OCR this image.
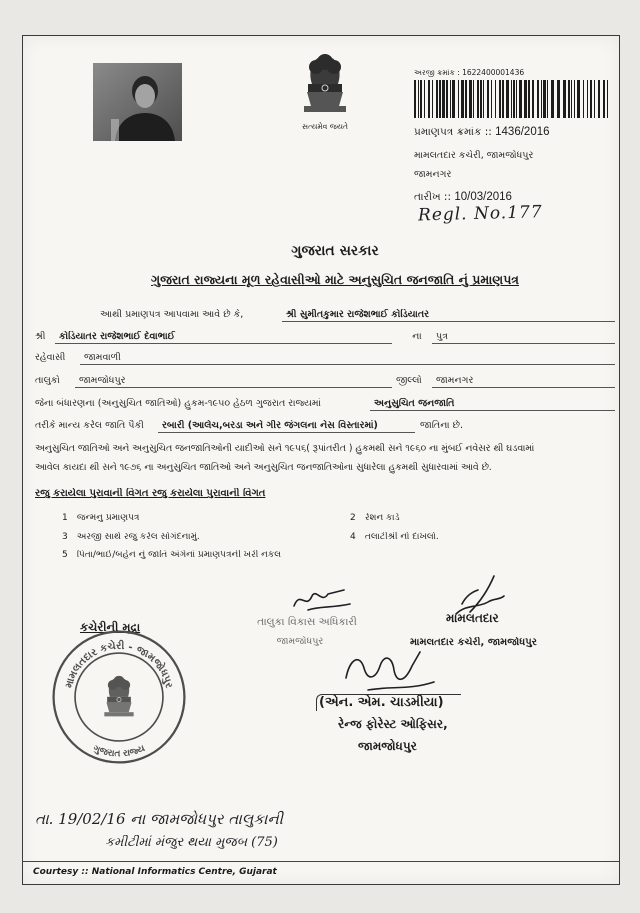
સત્યમેવ જયતે
અરજી ક્રમાંક : 1622400001436
પ્રમાણપત્ર ક્રમાંક :: 1436/2016
મામલતદાર કચેરી, જામજોધપુર
જામનગર
તારીખ :: 10/03/2016
Regl. No.177
ગુજરાત સરકાર
ગુજરાત રાજ્યના મૂળ રહેવાસીઓ માટે અનુસુચિત જનજાતિ નું પ્રમાણપત્ર
આથી પ્રમાણપત્ર આપવામા આવે છે કે,	શ્રી સુમીતકુમાર રાજેશભાઈ કોડિયાતર
શ્રી	કોડિયાતર રાજેશભાઈ દેવાભાઈ	ના	પુત્ર
રહેવાસી	જામવાળી
તાલુકો	જામજોધપુર	જીલ્લો	જામનગર
જેના બંધારણના (અનુસુચિત જાતિઓ) હુકમ-૧૯૫૦ હેઠળ ગુજરાત રાજ્યમાં	અનુસુચિત જનજાતિ
તરીકે માન્ય કરેલ જાતિ પૈકી	રબારી (આલેચ,બરડા અને ગીર જંગલના નેસ વિસ્તારમાં)	જાતિના છે.
અનુસુચિત જાતિઓ અને અનુસુચિત જનજાતિઓની યાદીઓ સને ૧૯૫૬( રૂપાંતરીત ) હુકમથી સને ૧૯૬૦ ના મુંબઈ નવેસર થી ઘડવામાં
આવેલ કાયદા થી સને ૧૯૭૬ ના અનુસુચિત જાતિઓ અને અનુસુચિત જનજાતિઓના સુધારેલા હુકમથી સુધારવામાં આવે છે.
રજુ કરાયેલા પુરાવાની વિગત રજુ કરાયેલા પુરાવાની વિગત
1 જન્મનુ પ્રમાણપત્ર	2 રેશન કાર્ડ
3 અરજી સાથે રજુ કરેલ સોગંદનામું.	4 તલાટીશ્રી નો દાખલો.
5 પિતા/ભાઈ/બહેન નું જાતિ અંગેનાં પ્રમાણપત્રની ખરી નકલ
તાલુકા વિકાસ અધિકારી
જામજોધપુર
મામલતદાર
મામલતદાર કચેરી, જામજોધપુર
કચેરીની મુદ્રા
મામલતદાર કચેરી - જામજોધપુર
ગુજરાત રાજ્ય
(એન. એમ. ચાડમીયા)
રેન્જ ફોરેસ્ટ ઓફિસર,
જામજોધપુર
તા. 19/02/16 ના જામજોધપુર તાલુકાની
કમીટીમાં મંજુર થયા મુજબ (75)
Courtesy :: National Informatics Centre, Gujarat
